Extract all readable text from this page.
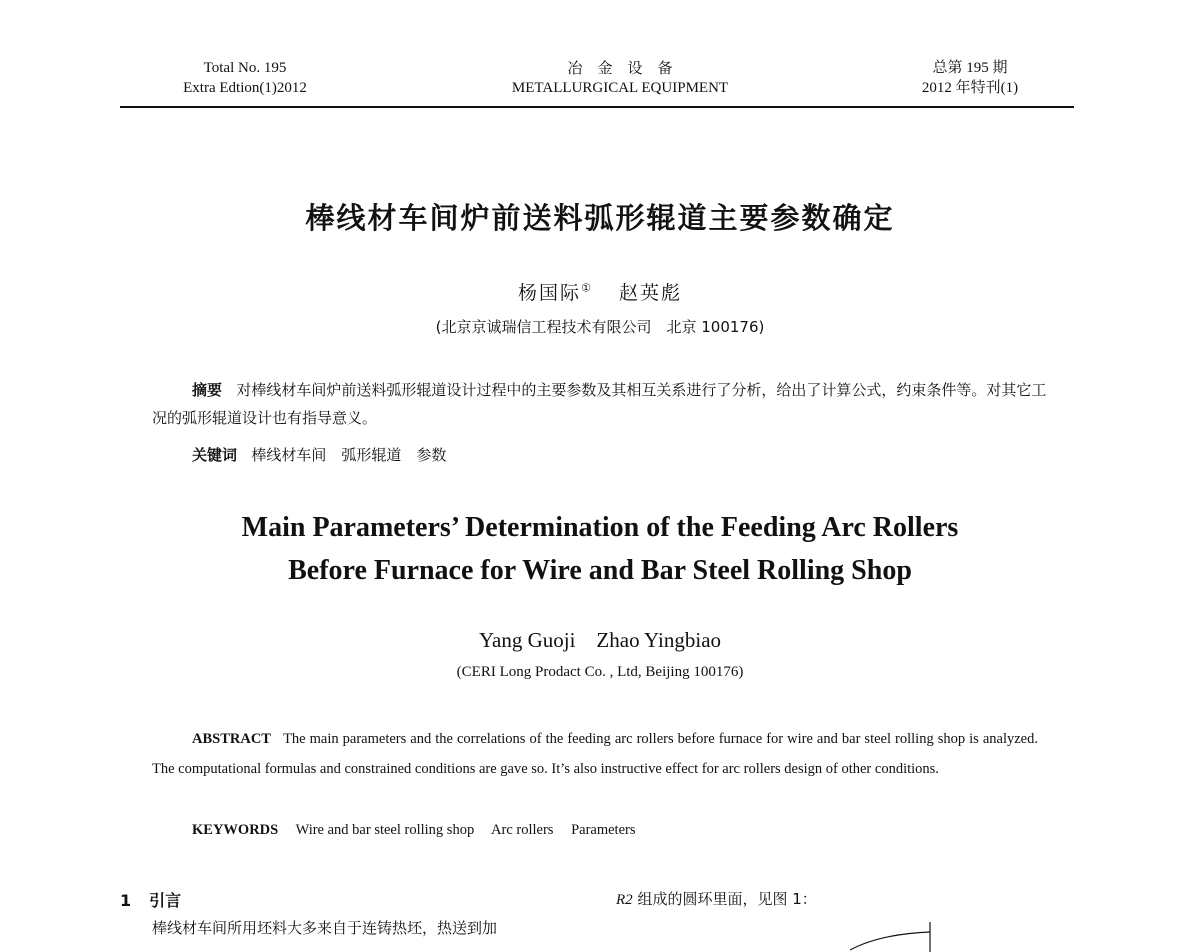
Total No. 195
Extra Edtion(1)2012
冶　金　设　备
METALLURGICAL EQUIPMENT
总第 195 期
2012 年特刊(1)
棒线材车间炉前送料弧形辊道主要参数确定
杨国际① 赵英彪
(北京京诚瑞信工程技术有限公司　北京 100176)
摘要 对棒线材车间炉前送料弧形辊道设计过程中的主要参数及其相互关系进行了分析，给出了计算公式，约束条件等。对其它工况的弧形辊道设计也有指导意义。
关键词 棒线材车间　弧形辊道　参数
Main Parameters’ Determination of the Feeding Arc Rollers
Before Furnace for Wire and Bar Steel Rolling Shop
Yang Guoji　Zhao Yingbiao
(CERI Long Prodact Co. , Ltd, Beijing 100176)
ABSTRACT The main parameters and the correlations of the feeding arc rollers before furnace for wire and bar steel rolling shop is analyzed. The computational formulas and constrained conditions are gave so. It’s also instructive effect for arc rollers design of other conditions.
KEYWORDS Wire and bar steel rolling shop Arc rollers Parameters
1 引言
棒线材车间所用坯料大多来自于连铸热坯，热送到加
R2 组成的圆环里面，见图 1：
